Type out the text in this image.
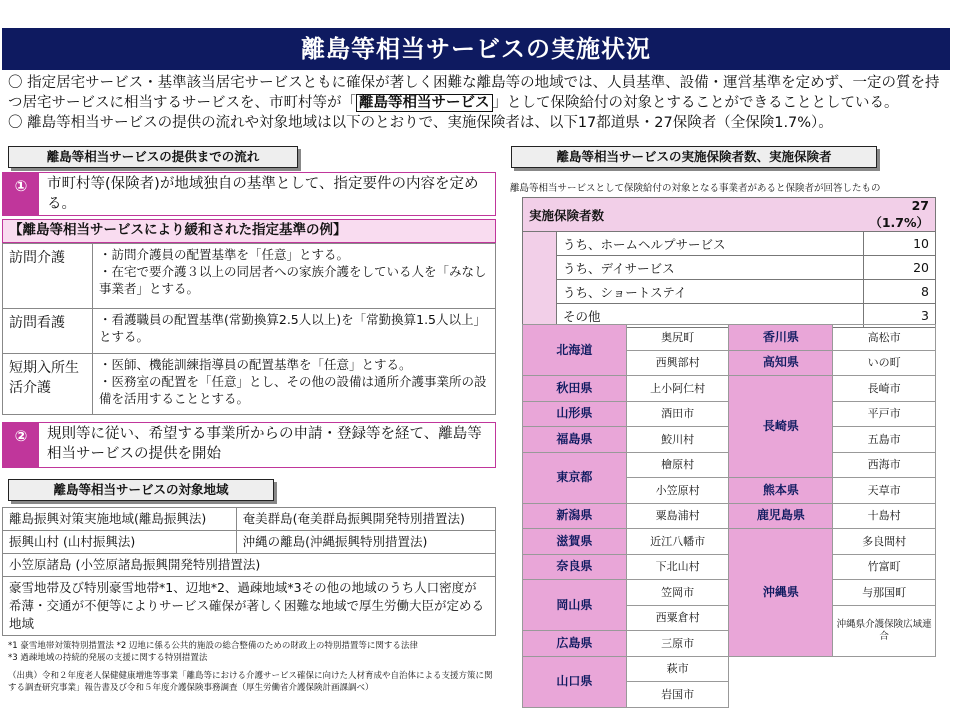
離島等相当サービスの実施状況

〇 指定居宅サービス・基準該当居宅サービスともに確保が著しく困難な離島等の地域では、人員基準、設備・運営基準を定めず、一定の質を持つ居宅サービスに相当するサービスを、市町村等が「 離島等相当サービス 」として保険給付の対象とすることができることとしている。

〇 離島等相当サービスの提供の流れや対象地域は以下のとおりで、実施保険者は、以下17都道県・27保険者（全保険1.7%）。

離島等相当サービスの提供までの流れ
①	市町村等(保険者)が地域独自の基準として、指定要件の内容を定める。
【離島等相当サービスにより緩和された指定基準の例】
訪問介護	・訪問介護員の配置基準を「任意」とする。
・在宅で要介護３以上の同居者への家族介護をしている人を「みなし事業者」とする。
訪問看護	・看護職員の配置基準(常勤換算2.5人以上)を「常勤換算1.5人以上」とする。
短期入所生活介護
・医師、機能訓練指導員の配置基準を「任意」とする。
・医務室の配置を「任意」とし、その他の設備は通所介護事業所の設備を活用することとする。
②	規則等に従い、希望する事業所からの申請・登録等を経て、離島等相当サービスの提供を開始
離島等相当サービスの対象地域
離島振興対策実施地域(離島振興法)	奄美群島(奄美群島振興開発特別措置法)
振興山村 (山村振興法)	沖縄の離島(沖縄振興特別措置法)
小笠原諸島 (小笠原諸島振興開発特別措置法)	
豪雪地帯及び特別豪雪地帯*1、辺地*2、過疎地域*3その他の地域のうち人口密度が希薄・交通が不便等によりサービス確保が著しく困難な地域で厚生労働大臣が定める地域	
*1 豪雪地帯対策特別措置法 *2 辺地に係る公共的施設の総合整備のための財政上の特別措置等に関する法律
*3 過疎地域の持続的発展の支援に関する特別措置法
（出典）令和２年度老人保健健康増進等事業「離島等における介護サービス確保に向けた人材育成や自治体による支援方策に関する調査研究事業」報告書及び令和５年度介護保険事務調査（厚生労働省介護保険計画課調べ）
離島等相当サービスの実施保険者数、実施保険者
離島等相当サービスとして保険給付の対象となる事業者があると保険者が回答したもの
実施保険者数		27（1.7%）
	うち、ホームヘルプサービス	10
	うち、デイサービス	20
	うち、ショートステイ	8
	その他	3
北海道	奥尻町	香川県	高松市
	西興部村	高知県	いの町
秋田県	上小阿仁村	長崎県	長崎市
山形県	酒田市		平戸市
福島県	鮫川村		五島市
東京都	檜原村		西海市
	小笠原村	熊本県	天草市
新潟県	粟島浦村	鹿児島県	十島村
滋賀県	近江八幡市	沖縄県	多良間村
奈良県	下北山村		竹富町
岡山県	笠岡市		与那国町
	西粟倉村		沖縄県介護保険広域連合
広島県	三原市		
山口県	萩市		
	岩国市		
